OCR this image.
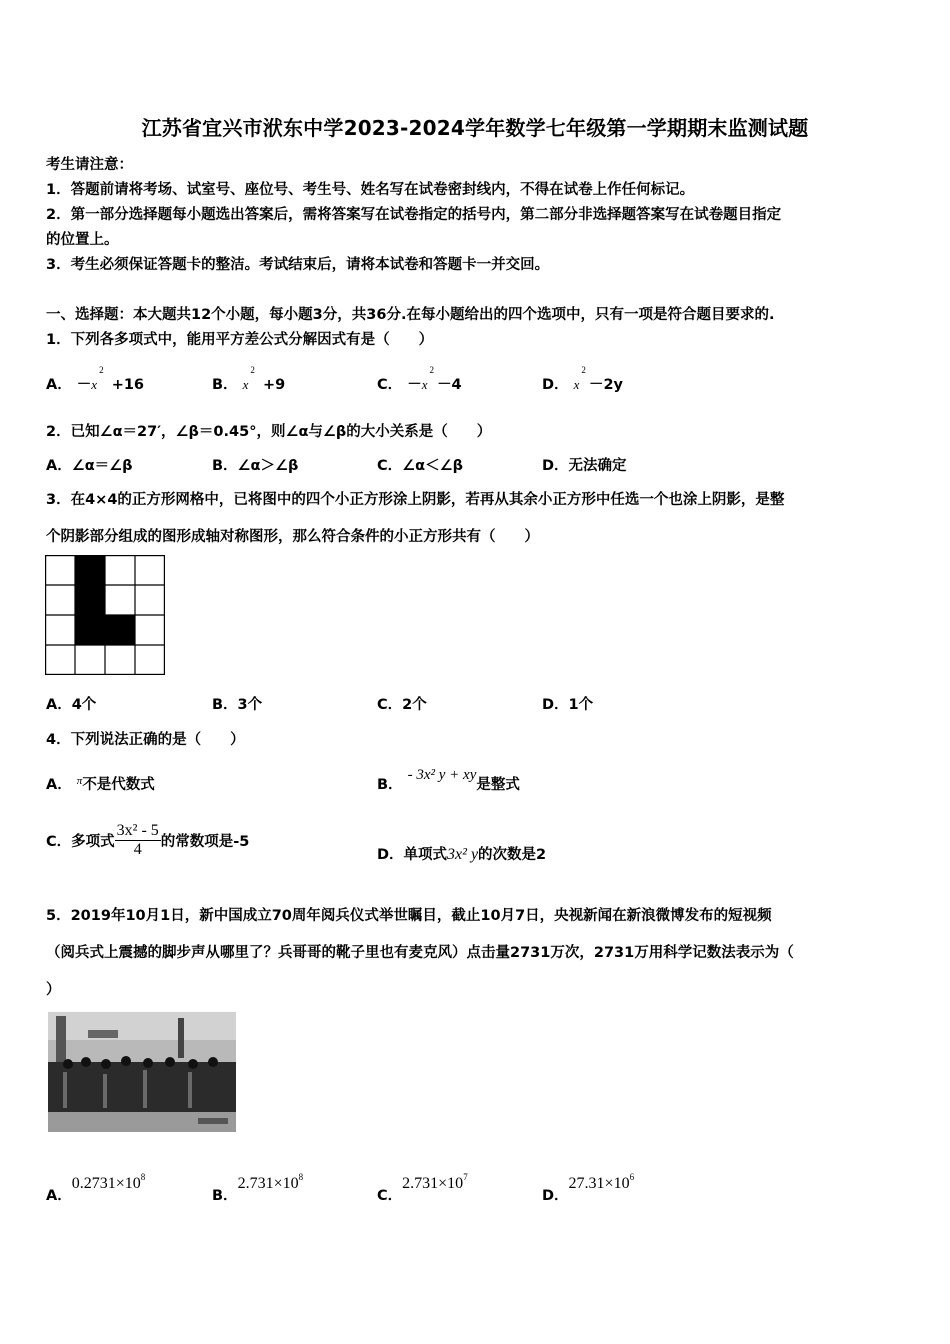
江苏省宜兴市洑东中学2023-2024学年数学七年级第一学期期末监测试题
考生请注意：
1．答题前请将考场、试室号、座位号、考生号、姓名写在试卷密封线内，不得在试卷上作任何标记。
2．第一部分选择题每小题选出答案后，需将答案写在试卷指定的括号内，第二部分非选择题答案写在试卷题目指定
的位置上。
3．考生必须保证答题卡的整洁。考试结束后，请将本试卷和答题卡一并交回。
一、选择题：本大题共12个小题，每小题3分，共36分.在每小题给出的四个选项中，只有一项是符合题目要求的.
1．下列各多项式中，能用平方差公式分解因式有是（　　）
A． $-x^2 +16$	B． $x^2 +9$	C． $-x^2 -4$	D． $x^2 -2y$
2．已知∠α＝27′，∠β＝0.45°，则∠α与∠β的大小关系是（　　）
A．∠α＝∠β	B．∠α＞∠β	C．∠α＜∠β	D．无法确定
3．在4×4的正方形网格中，已将图中的四个小正方形涂上阴影，若再从其余小正方形中任选一个也涂上阴影，是整
个阴影部分组成的图形成轴对称图形，那么符合条件的小正方形共有（　　）
A．4个	B．3个	C．2个	D．1个
4．下列说法正确的是（　　）
A． $^\pi$不是代数式	B． - 3x² y + xy是整式
C．多项式 $\frac{\text{3x² - 5}}{4}$ 的常数项是-5
D．单项式3x² y的次数是2
5．2019年10月1日，新中国成立70周年阅兵仪式举世瞩目，截止10月7日，央视新闻在新浪微博发布的短视频
（阅兵式上震撼的脚步声从哪里了？兵哥哥的靴子里也有麦克风）点击量2731万次，2731万用科学记数法表示为（
）
A．$0.2731\times 10^8$
B．$2.731\times 10^8$
C．$2.731\times 10^7$
D．$27.31\times 10^6$
